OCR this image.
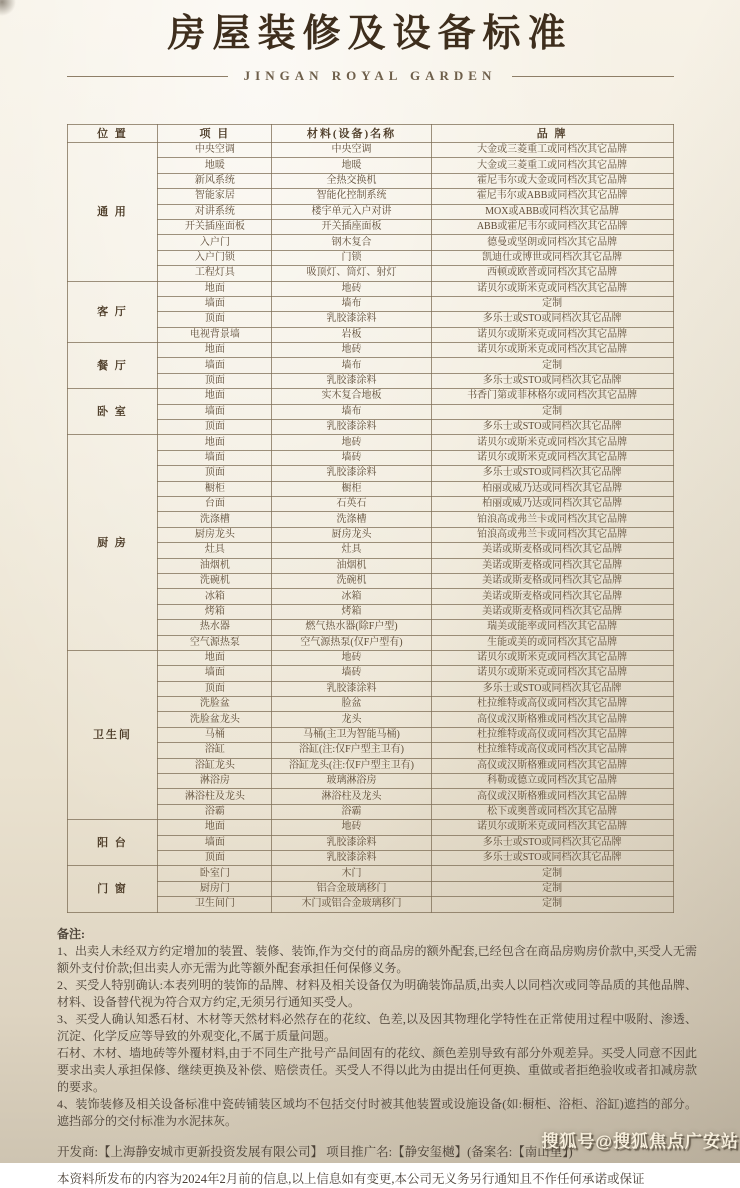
房屋装修及设备标准
JINGAN ROYAL GARDEN
位 置	项 目	材料(设备)名称	品 牌
通 用	中央空调	中央空调	大金或三菱重工或同档次其它品牌
	地暖	地暖	大金或三菱重工或同档次其它品牌
	新风系统	全热交换机	霍尼韦尔或大金或同档次其它品牌
	智能家居	智能化控制系统	霍尼韦尔或ABB或同档次其它品牌
	对讲系统	楼宇单元入户对讲	MOX或ABB或同档次其它品牌
	开关插座面板	开关插座面板	ABB或霍尼韦尔或同档次其它品牌
	入户门	钢木复合	德曼或坚朗或同档次其它品牌
	入户门锁	门锁	凯迪仕或博世或同档次其它品牌
	工程灯具	吸顶灯、筒灯、射灯	西顿或欧普或同档次其它品牌
客 厅	地面	地砖	诺贝尔或斯米克或同档次其它品牌
	墙面	墙布	定制
	顶面	乳胶漆涂料	多乐士或STO或同档次其它品牌
	电视背景墙	岩板	诺贝尔或斯米克或同档次其它品牌
餐 厅	地面	地砖	诺贝尔或斯米克或同档次其它品牌
	墙面	墙布	定制
	顶面	乳胶漆涂料	多乐士或STO或同档次其它品牌
卧 室	地面	实木复合地板	书香门第或菲林格尔或同档次其它品牌
	墙面	墙布	定制
	顶面	乳胶漆涂料	多乐士或STO或同档次其它品牌
厨 房	地面	地砖	诺贝尔或斯米克或同档次其它品牌
	墙面	墙砖	诺贝尔或斯米克或同档次其它品牌
	顶面	乳胶漆涂料	多乐士或STO或同档次其它品牌
	橱柜	橱柜	柏丽或威乃达或同档次其它品牌
	台面	石英石	柏丽或威乃达或同档次其它品牌
	洗涤槽	洗涤槽	铂浪高或弗兰卡或同档次其它品牌
	厨房龙头	厨房龙头	铂浪高或弗兰卡或同档次其它品牌
	灶具	灶具	美诺或斯麦格或同档次其它品牌
	油烟机	油烟机	美诺或斯麦格或同档次其它品牌
	洗碗机	洗碗机	美诺或斯麦格或同档次其它品牌
	冰箱	冰箱	美诺或斯麦格或同档次其它品牌
	烤箱	烤箱	美诺或斯麦格或同档次其它品牌
	热水器	燃气热水器(除F户型)	瑞美或能率或同档次其它品牌
	空气源热泵	空气源热泵(仅F户型有)	生能或美的或同档次其它品牌
卫生间	地面	地砖	诺贝尔或斯米克或同档次其它品牌
	墙面	墙砖	诺贝尔或斯米克或同档次其它品牌
	顶面	乳胶漆涂料	多乐士或STO或同档次其它品牌
	洗脸盆	脸盆	杜拉维特或高仪或同档次其它品牌
	洗脸盆龙头	龙头	高仪或汉斯格雅或同档次其它品牌
	马桶	马桶(主卫为智能马桶)	杜拉维特或高仪或同档次其它品牌
	浴缸	浴缸(注:仅F户型主卫有)	杜拉维特或高仪或同档次其它品牌
	浴缸龙头	浴缸龙头(注:仅F户型主卫有)	高仪或汉斯格雅或同档次其它品牌
	淋浴房	玻璃淋浴房	科勒或德立或同档次其它品牌
	淋浴柱及龙头	淋浴柱及龙头	高仪或汉斯格雅或同档次其它品牌
	浴霸	浴霸	松下或奥普或同档次其它品牌
阳 台	地面	地砖	诺贝尔或斯米克或同档次其它品牌
	墙面	乳胶漆涂料	多乐士或STO或同档次其它品牌
	顶面	乳胶漆涂料	多乐士或STO或同档次其它品牌
门 窗	卧室门	木门	定制
	厨房门	铝合金玻璃移门	定制
	卫生间门	木门或铝合金玻璃移门	定制

备注:

1、出卖人未经双方约定增加的装置、装修、装饰,作为交付的商品房的额外配套,已经包含在商品房购房价款中,买受人无需额外支付价款;但出卖人亦无需为此等额外配套承担任何保修义务。

2、买受人特别确认:本表列明的装饰的品牌、材料及相关设备仅为明确装饰品质,出卖人以同档次或同等品质的其他品牌、材料、设备替代视为符合双方约定,无须另行通知买受人。

3、买受人确认知悉石材、木材等天然材料必然存在的花纹、色差,以及因其物理化学特性在正常使用过程中吸附、渗透、沉淀、化学反应等导致的外观变化,不属于质量问题。

石材、木材、墙地砖等外覆材料,由于不同生产批号产品间固有的花纹、颜色差别导致有部分外观差异。买受人同意不因此要求出卖人承担保修、继续更换及补偿、赔偿责任。买受人不得以此为由提出任何更换、重做或者拒绝验收或者扣减房款的要求。

4、装饰装修及相关设备标准中瓷砖铺装区域均不包括交付时被其他装置或设施设备(如:橱柜、浴柜、浴缸)遮挡的部分。遮挡部分的交付标准为水泥抹灰。

开发商:【上海静安城市更新投资发展有限公司】 项目推广名:【静安玺樾】(备案名:【南山里】)
本资料所发布的内容为2024年2月前的信息,以上信息如有变更,本公司无义务另行通知且不作任何承诺或保证
搜狐号@搜狐焦点广安站
